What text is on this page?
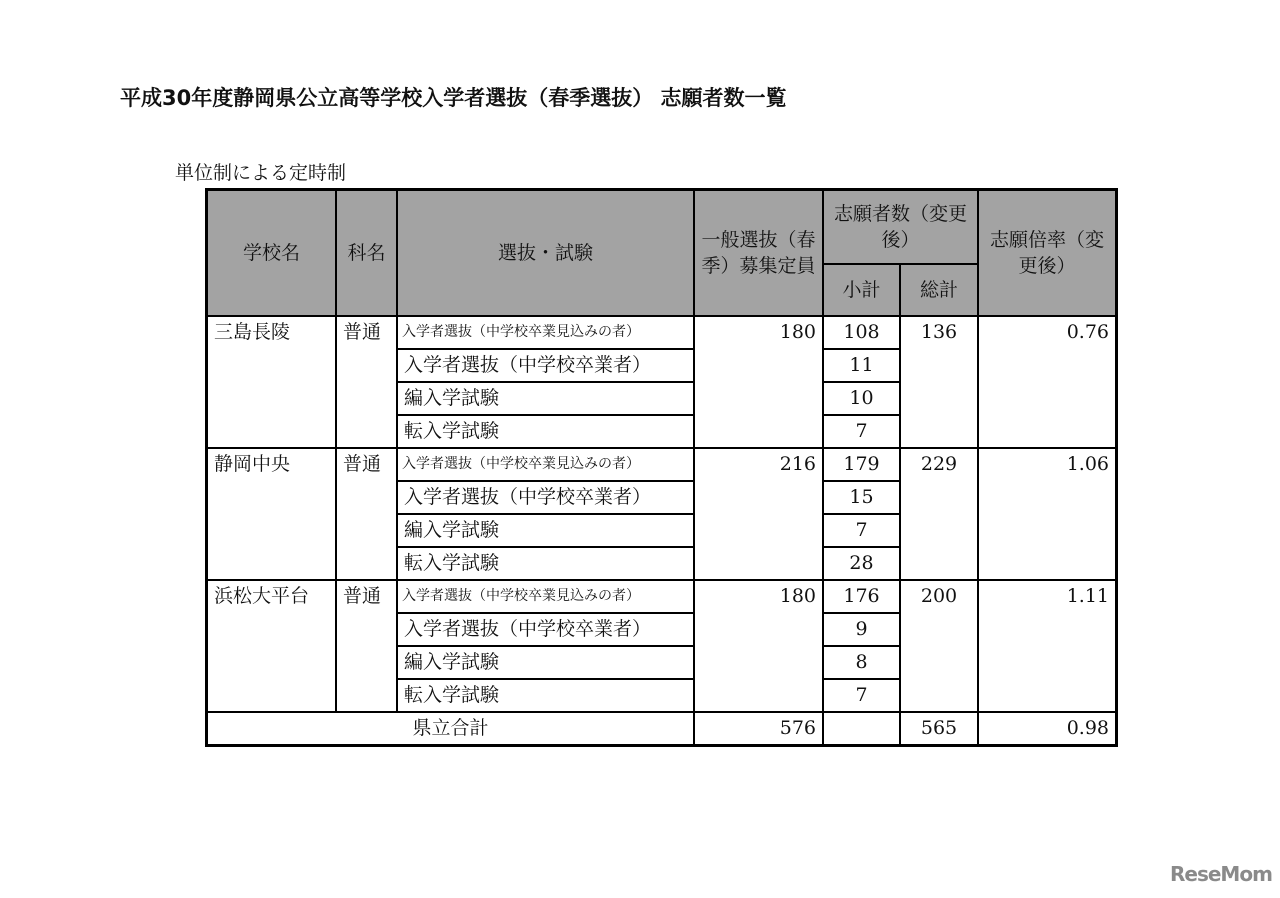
平成30年度静岡県公立高等学校入学者選抜（春季選抜） 志願者数一覧
単位制による定時制
学校名	科名	選抜・試験	一般選抜（春季）募集定員	志願者数（変更後）		志願倍率（変更後）
				小計	総計	
三島長陵	普通	入学者選抜（中学校卒業見込みの者）	180	108	136	0.76
		入学者選抜（中学校卒業者）		11		
		編入学試験		10		
		転入学試験		7		
静岡中央	普通	入学者選抜（中学校卒業見込みの者）	216	179	229	1.06
		入学者選抜（中学校卒業者）		15		
		編入学試験		7		
		転入学試験		28		
浜松大平台	普通	入学者選抜（中学校卒業見込みの者）	180	176	200	1.11
		入学者選抜（中学校卒業者）		9		
		編入学試験		8		
		転入学試験		7		
県立合計			576		565	0.98
ReseMom
